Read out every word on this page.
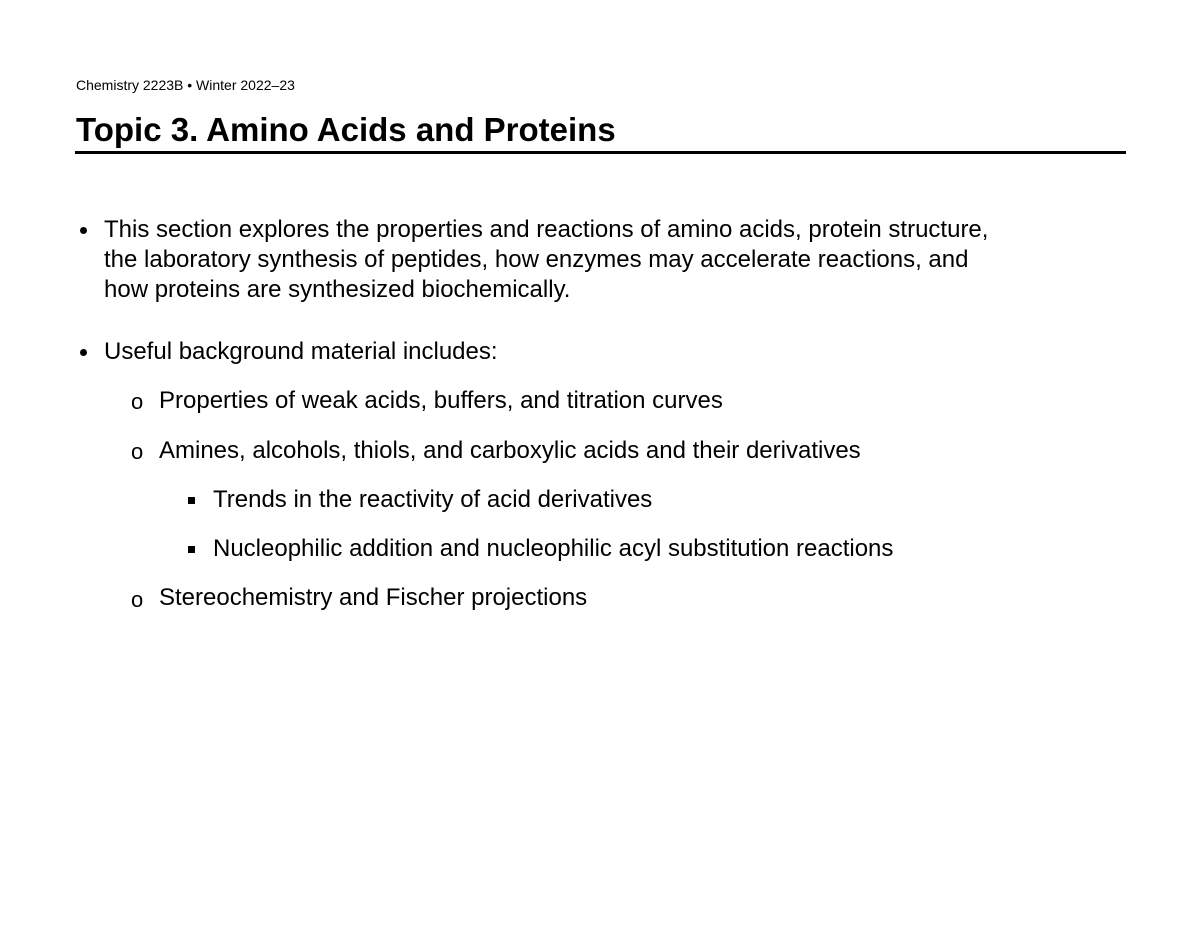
Chemistry 2223B • Winter 2022–23
Topic 3. Amino Acids and Proteins
This section explores the properties and reactions of amino acids, protein structure,
the laboratory synthesis of peptides, how enzymes may accelerate reactions, and
how proteins are synthesized biochemically.
Useful background material includes:
o Properties of weak acids, buffers, and titration curves
o Amines, alcohols, thiols, and carboxylic acids and their derivatives
Trends in the reactivity of acid derivatives
Nucleophilic addition and nucleophilic acyl substitution reactions
o Stereochemistry and Fischer projections
